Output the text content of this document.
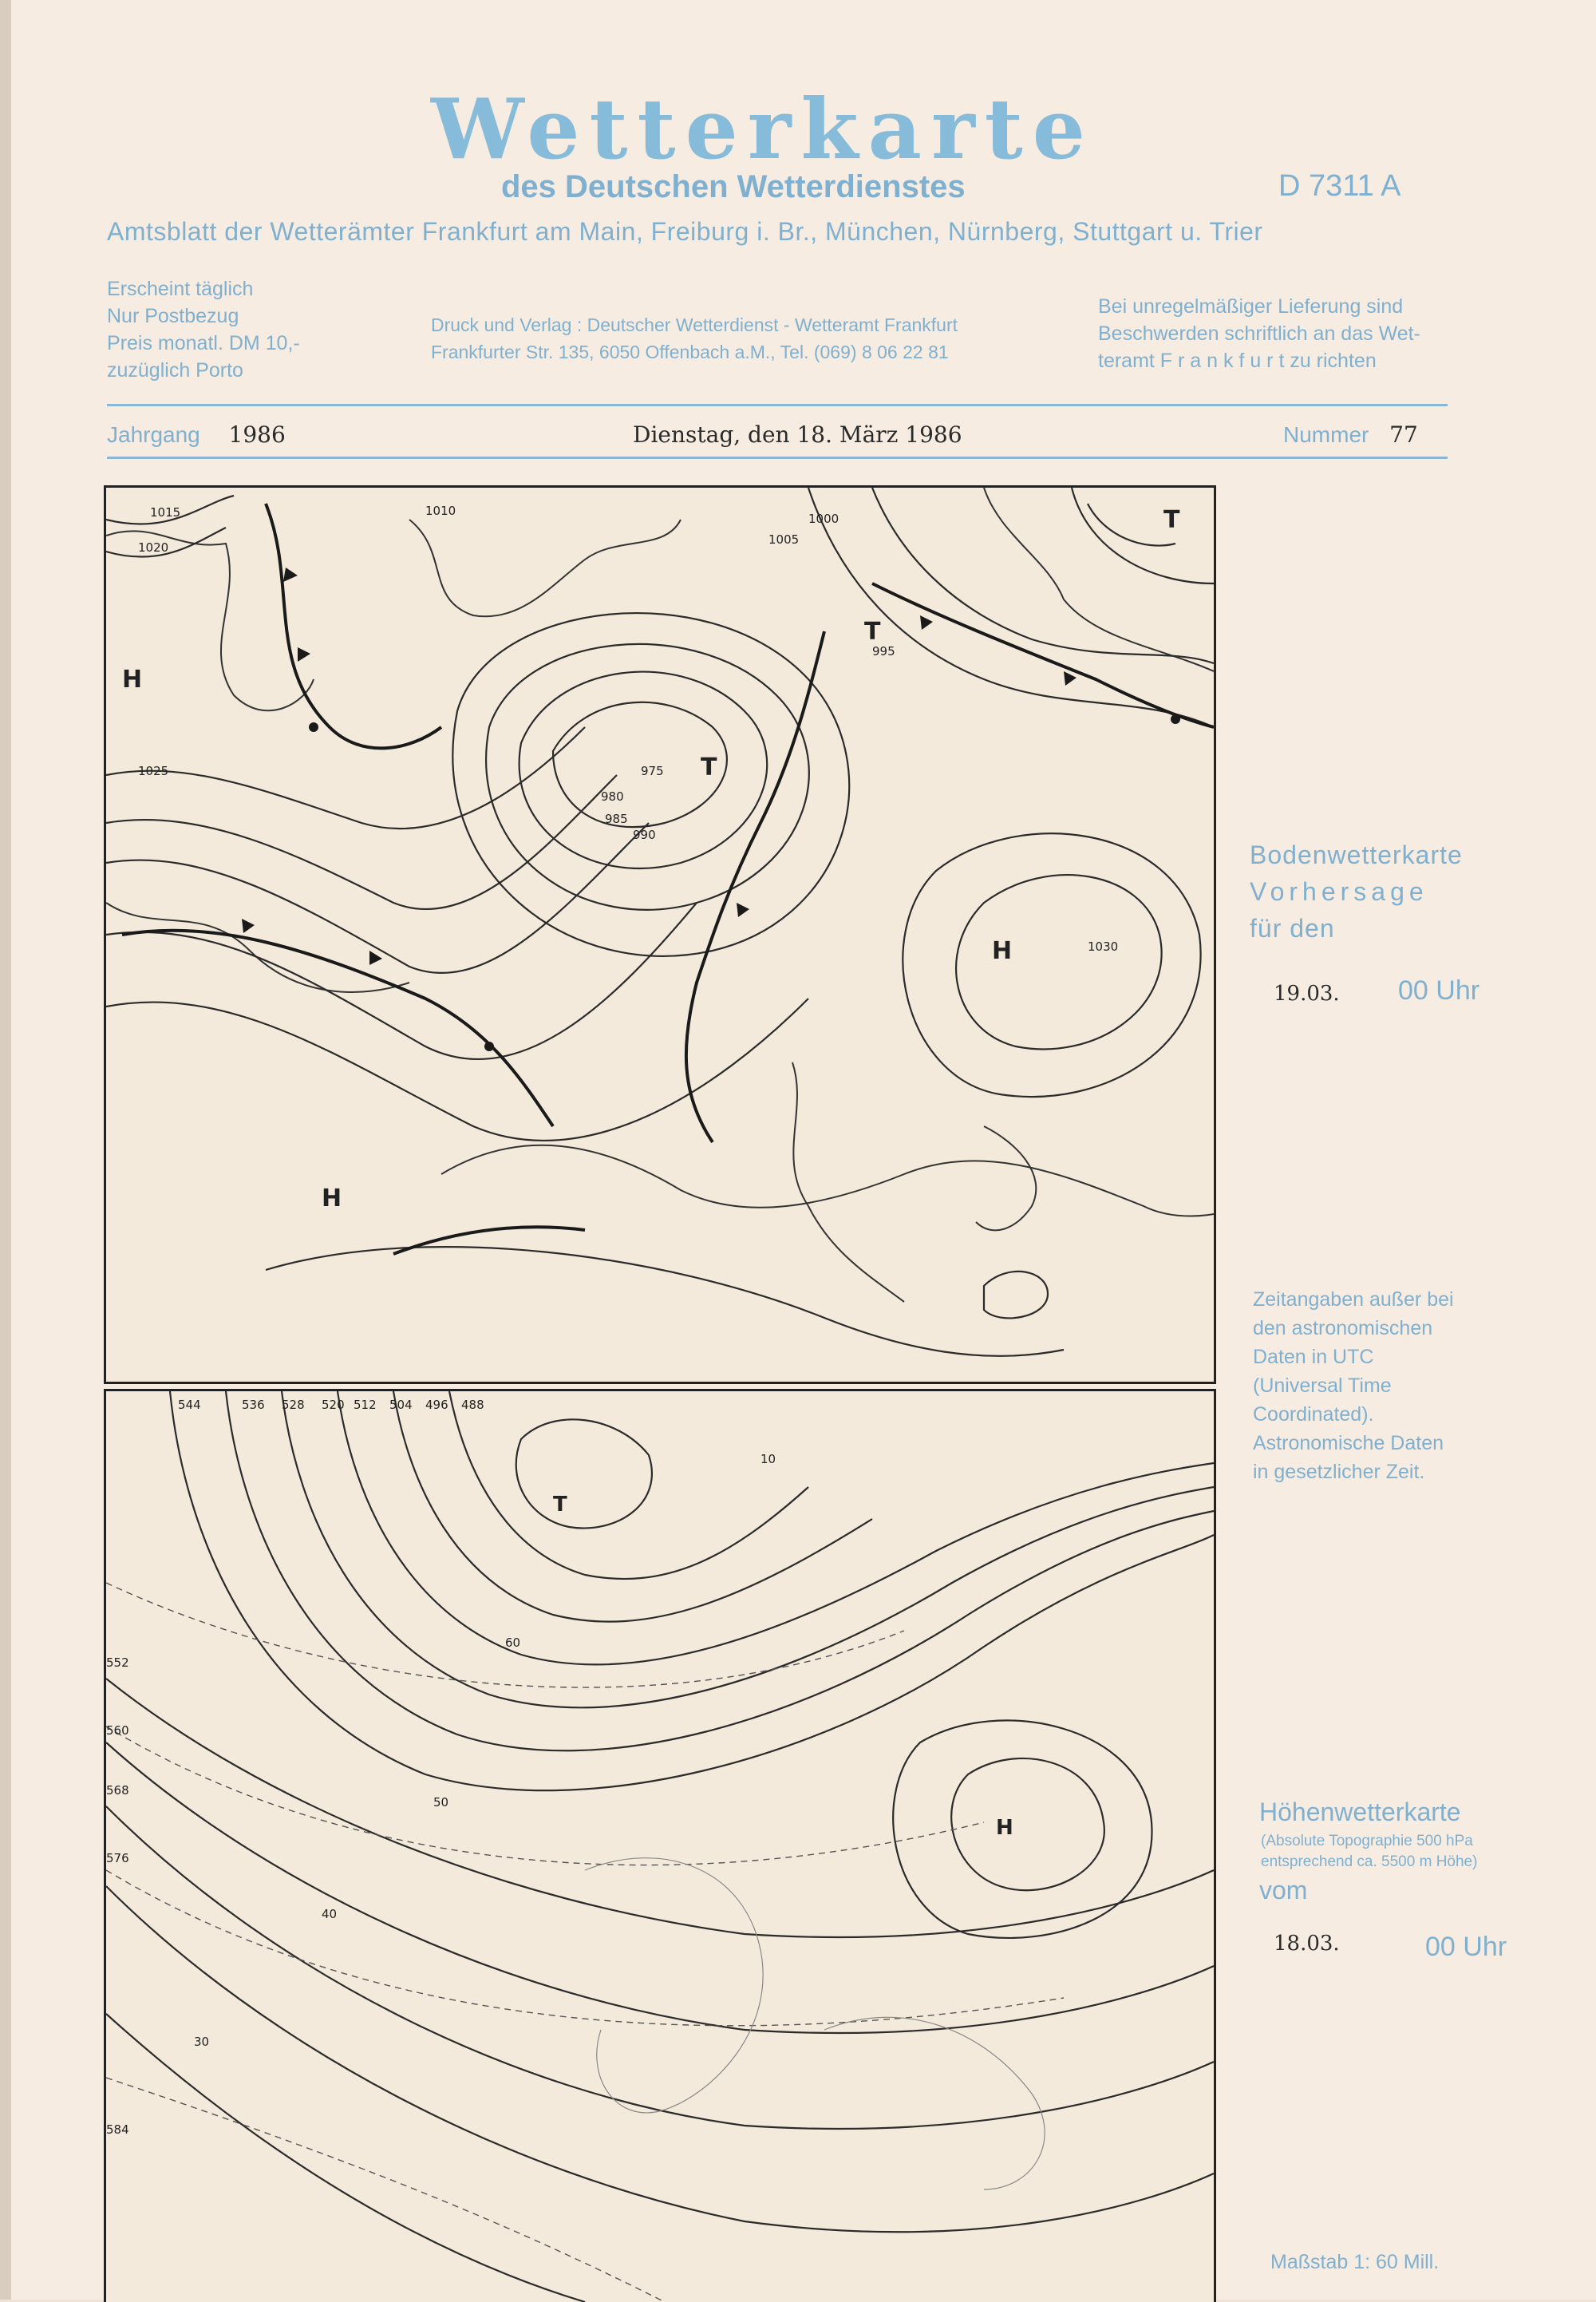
Wetterkarte
des Deutschen Wetterdienstes	D 7311 A
Amtsblatt der Wetterämter Frankfurt am Main, Freiburg i. Br., München, Nürnberg, Stuttgart u. Trier
Erscheint täglich
Nur Postbezug
Preis monatl. DM 10,-
zuzüglich Porto
Druck und Verlag : Deutscher Wetterdienst - Wetteramt Frankfurt
Frankfurter Str. 135, 6050 Offenbach a.M., Tel. (069) 8 06 22 81
Bei unregelmäßiger Lieferung sind
Beschwerden schriftlich an das Wet-
teramt F r a n k f u r t zu richten
Jahrgang 1986	Dienstag, den 18. März 1986	Nummer 77
1015
1020
1010
1000
1005
995
990
1025	975
980
985
1030
H
H
H
T
T
T
544	536 528 520 512 504 496 488
552
560
568
576
584
60
50
40
30
10
T
H
Bodenwetterkarte
Vorhersage
für den
19.03. 00 Uhr
Zeitangaben außer bei
den astronomischen
Daten in UTC
(Universal Time
Coordinated).
Astronomische Daten
in gesetzlicher Zeit.
Höhenwetterkarte
(Absolute Topographie 500 hPa
entsprechend ca. 5500 m Höhe)
vom
18.03.	00 Uhr
Maßstab 1: 60 Mill.
